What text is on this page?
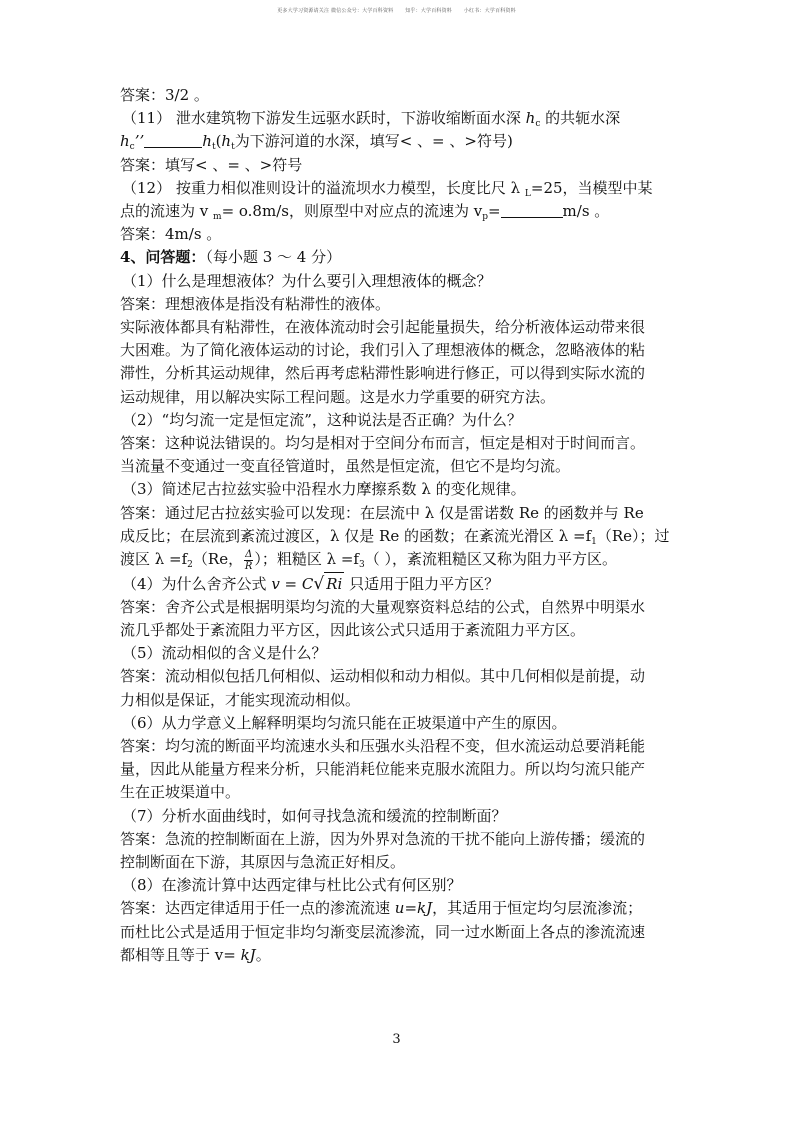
更多大学习资源请关注 微信公众号：大学百科资料 知乎：大学百科资料 小红书：大学百科资料
答案：3/2 。
（11） 泄水建筑物下游发生远驱水跃时，下游收缩断面水深 $h_c$ 的共轭水深
$h_c$’’	$h_t(h_t$为下游河道的水深，填写< 、= 、>符号)
答案：填写< 、= 、>符号
（12） 按重力相似准则设计的溢流坝水力模型，长度比尺 λ $_L$=25，当模型中某
点的流速为 v $_m$= o.8m/s，则原型中对应点的流速为 $v_p=$	m/s 。
答案：4m/s 。
4、问答题：（每小题 3 ～ 4 分）
（1）什么是理想液体？为什么要引入理想液体的概念？
答案：理想液体是指没有粘滞性的液体。
实际液体都具有粘滞性，在液体流动时会引起能量损失，给分析液体运动带来很
大困难。为了简化液体运动的讨论，我们引入了理想液体的概念，忽略液体的粘
滞性，分析其运动规律，然后再考虑粘滞性影响进行修正，可以得到实际水流的
运动规律，用以解决实际工程问题。这是水力学重要的研究方法。
（2）“均匀流一定是恒定流”，这种说法是否正确？为什么？
答案：这种说法错误的。均匀是相对于空间分布而言，恒定是相对于时间而言。
当流量不变通过一变直径管道时，虽然是恒定流，但它不是均匀流。
（3）简述尼古拉兹实验中沿程水力摩擦系数 λ 的变化规律。
答案：通过尼古拉兹实验可以发现：在层流中 λ 仅是雷诺数 Re 的函数并与 Re
成反比；在层流到紊流过渡区，λ 仅是 Re 的函数；在紊流光滑区 $\lambda =f_1(Re)$；过
渡区 $\lambda =f_2(Re$， $\frac{\Delta}{R}$ ）；粗糙区 $\lambda =f_3$（ ），紊流粗糙区又称为阻力平方区。
（4）为什么舍齐公式 v = C√ Ri 只适用于阻力平方区？
答案：舍齐公式是根据明渠均匀流的大量观察资料总结的公式，自然界中明渠水
流几乎都处于紊流阻力平方区，因此该公式只适用于紊流阻力平方区。
（5）流动相似的含义是什么？
答案：流动相似包括几何相似、运动相似和动力相似。其中几何相似是前提，动
力相似是保证，才能实现流动相似。
（6）从力学意义上解释明渠均匀流只能在正坡渠道中产生的原因。
答案：均匀流的断面平均流速水头和压强水头沿程不变，但水流运动总要消耗能
量，因此从能量方程来分析，只能消耗位能来克服水流阻力。所以均匀流只能产
生在正坡渠道中。
（7）分析水面曲线时，如何寻找急流和缓流的控制断面？
答案：急流的控制断面在上游，因为外界对急流的干扰不能向上游传播；缓流的
控制断面在下游，其原因与急流正好相反。
（8）在渗流计算中达西定律与杜比公式有何区别？
答案：达西定律适用于任一点的渗流流速 u=kJ，其适用于恒定均匀层流渗流；
而杜比公式是适用于恒定非均匀渐变层流渗流，同一过水断面上各点的渗流流速
都相等且等于 v= kJ。
3
